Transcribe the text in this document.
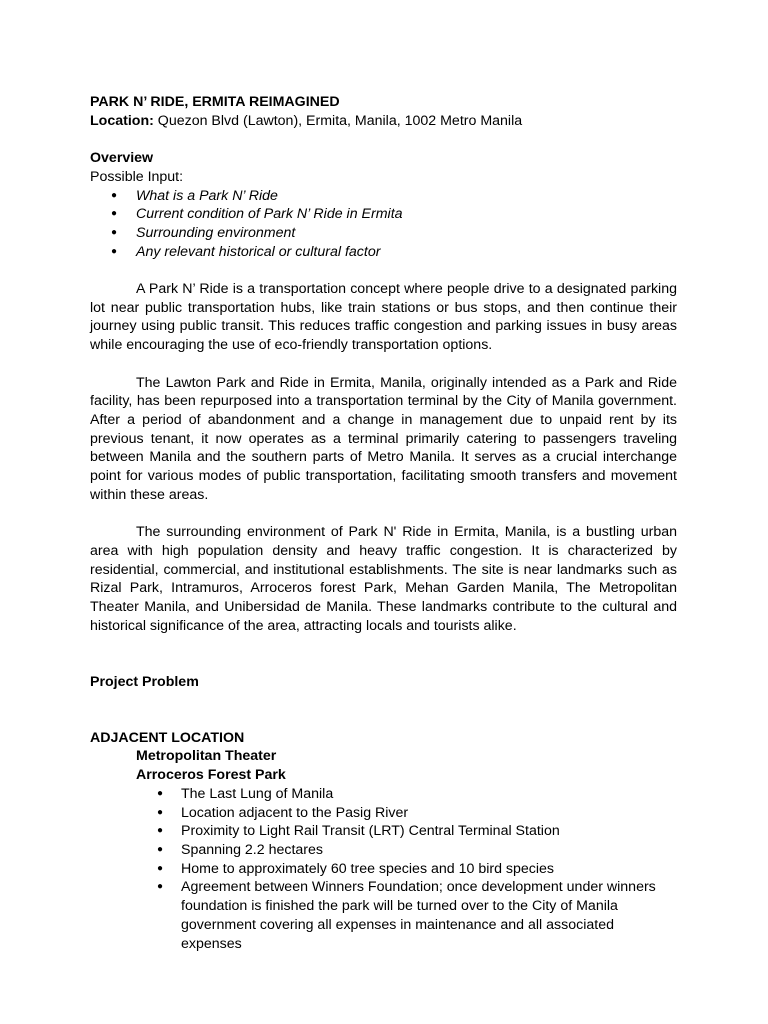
PARK N’ RIDE, ERMITA REIMAGINED
Location: Quezon Blvd (Lawton), Ermita, Manila, 1002 Metro Manila
Overview
Possible Input:
● What is a Park N’ Ride
● Current condition of Park N’ Ride in Ermita
● Surrounding environment
● Any relevant historical or cultural factor

A Park N’ Ride is a transportation concept where people drive to a designated parking lot near public transportation hubs, like train stations or bus stops, and then continue their journey using public transit. This reduces traffic congestion and parking issues in busy areas while encouraging the use of eco-friendly transportation options.

The Lawton Park and Ride in Ermita, Manila, originally intended as a Park and Ride facility, has been repurposed into a transportation terminal by the City of Manila government. After a period of abandonment and a change in management due to unpaid rent by its previous tenant, it now operates as a terminal primarily catering to passengers traveling between Manila and the southern parts of Metro Manila. It serves as a crucial interchange point for various modes of public transportation, facilitating smooth transfers and movement within these areas.

The surrounding environment of Park N' Ride in Ermita, Manila, is a bustling urban area with high population density and heavy traffic congestion. It is characterized by residential, commercial, and institutional establishments. The site is near landmarks such as Rizal Park, Intramuros, Arroceros forest Park, Mehan Garden Manila, The Metropolitan Theater Manila, and Unibersidad de Manila. These landmarks contribute to the cultural and historical significance of the area, attracting locals and tourists alike.

Project Problem
ADJACENT LOCATION
Metropolitan Theater
Arroceros Forest Park
● The Last Lung of Manila
● Location adjacent to the Pasig River
● Proximity to Light Rail Transit (LRT) Central Terminal Station
● Spanning 2.2 hectares
● Home to approximately 60 tree species and 10 bird species
● Agreement between Winners Foundation; once development under winners foundation is finished the park will be turned over to the City of Manila government covering all expenses in maintenance and all associated expenses
